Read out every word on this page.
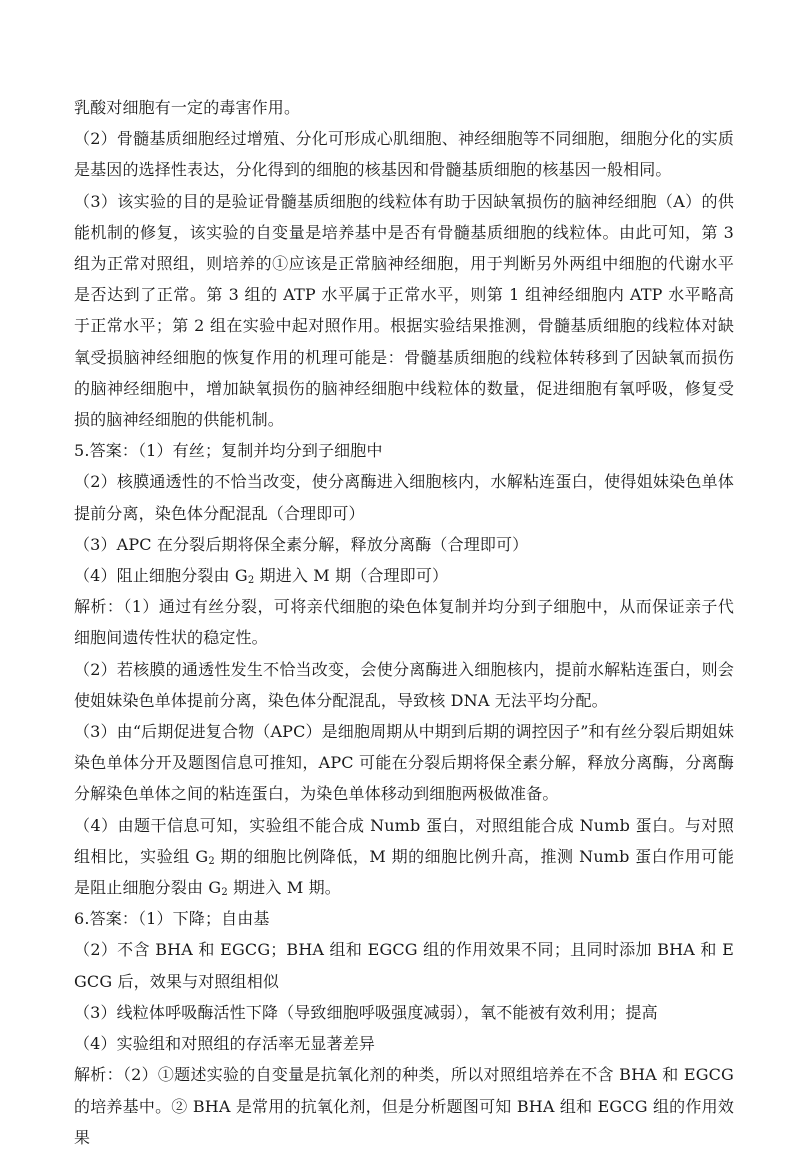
乳酸对细胞有一定的毒害作用。

（2）骨髓基质细胞经过增殖、分化可形成心肌细胞、神经细胞等不同细胞，细胞分化的实质是基因的选择性表达，分化得到的细胞的核基因和骨髓基质细胞的核基因一般相同。

（3）该实验的目的是验证骨髓基质细胞的线粒体有助于因缺氧损伤的脑神经细胞（A）的供能机制的修复，该实验的自变量是培养基中是否有骨髓基质细胞的线粒体。由此可知，第 3 组为正常对照组，则培养的①应该是正常脑神经细胞，用于判断另外两组中细胞的代谢水平是否达到了正常。第 3 组的 ATP 水平属于正常水平，则第 1 组神经细胞内 ATP 水平略高于正常水平；第 2 组在实验中起对照作用。根据实验结果推测，骨髓基质细胞的线粒体对缺氧受损脑神经细胞的恢复作用的机理可能是：骨髓基质细胞的线粒体转移到了因缺氧而损伤的脑神经细胞中，增加缺氧损伤的脑神经细胞中线粒体的数量，促进细胞有氧呼吸，修复受损的脑神经细胞的供能机制。

5.答案：（1）有丝；复制并均分到子细胞中

（2）核膜通透性的不恰当改变，使分离酶进入细胞核内，水解粘连蛋白，使得姐妹染色单体提前分离，染色体分配混乱（合理即可）

（3）APC 在分裂后期将保全素分解，释放分离酶（合理即可）

（4）阻止细胞分裂由 $G_2$ 期进入 M 期（合理即可）

解析：（1）通过有丝分裂，可将亲代细胞的染色体复制并均分到子细胞中，从而保证亲子代细胞间遗传性状的稳定性。

（2）若核膜的通透性发生不恰当改变，会使分离酶进入细胞核内，提前水解粘连蛋白，则会使姐妹染色单体提前分离，染色体分配混乱，导致核 DNA 无法平均分配。

（3）由“后期促进复合物（APC）是细胞周期从中期到后期的调控因子”和有丝分裂后期姐妹染色单体分开及题图信息可推知，APC 可能在分裂后期将保全素分解，释放分离酶，分离酶分解染色单体之间的粘连蛋白，为染色单体移动到细胞两极做准备。

（4）由题干信息可知，实验组不能合成 Numb 蛋白，对照组能合成 Numb 蛋白。与对照组相比，实验组 $G_2$ 期的细胞比例降低，M 期的细胞比例升高，推测 Numb 蛋白作用可能是阻止细胞分裂由 $G_2$ 期进入 M 期。

6.答案：（1）下降；自由基

（2）不含 BHA 和 EGCG；BHA 组和 EGCG 组的作用效果不同；且同时添加 BHA 和 EGCG 后，效果与对照组相似

（3）线粒体呼吸酶活性下降（导致细胞呼吸强度减弱），氧不能被有效利用；提高

（4）实验组和对照组的存活率无显著差异

解析：（2）①题述实验的自变量是抗氧化剂的种类，所以对照组培养在不含 BHA 和 EGCG 的培养基中。② BHA 是常用的抗氧化剂，但是分析题图可知 BHA 组和 EGCG 组的作用效果
